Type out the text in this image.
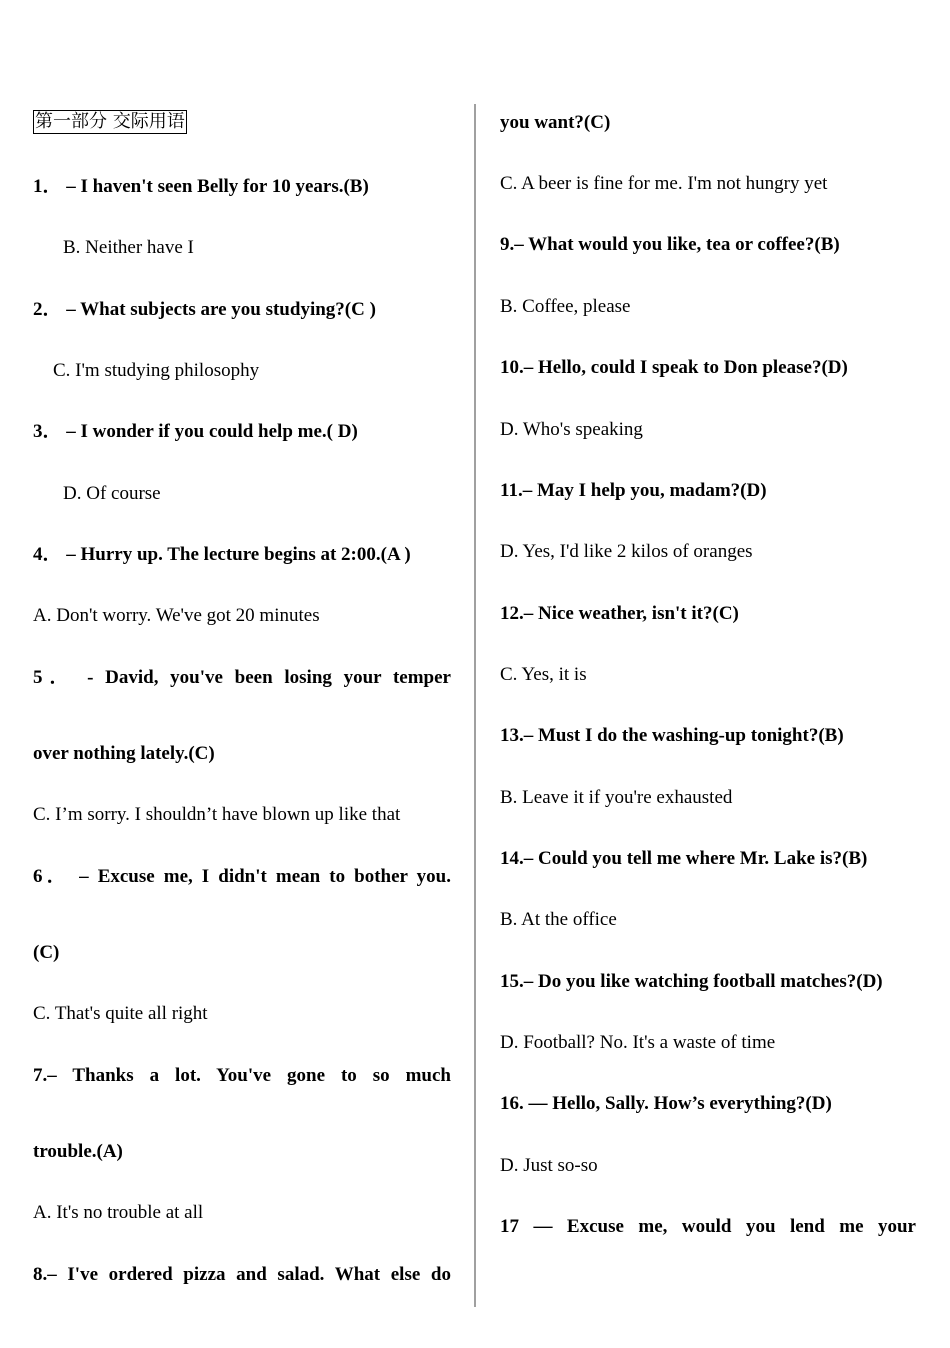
第一部分 交际用语
1． – I haven't seen Belly for 10 years.(B)
B. Neither have I
2． – What subjects are you studying?(C )
C. I'm studying philosophy
3． – I wonder if you could help me.( D)
D. Of course
4． – Hurry up. The lecture begins at 2:00.(A )
A. Don't worry. We've got 20 minutes
5． - David, you've been losing your temper
over nothing lately.(C)
C. I’m sorry. I shouldn’t have blown up like that
6． – Excuse me, I didn't mean to bother you.
(C)
C. That's quite all right
7.– Thanks a lot. You've gone to so much
trouble.(A)
A. It's no trouble at all
8.– I've ordered pizza and salad. What else do
you want?(C)
C. A beer is fine for me. I'm not hungry yet
9.– What would you like, tea or coffee?(B)
B. Coffee, please
10.– Hello, could I speak to Don please?(D)
D. Who's speaking
11.– May I help you, madam?(D)
D. Yes, I'd like 2 kilos of oranges
12.– Nice weather, isn't it?(C)
C. Yes, it is
13.– Must I do the washing-up tonight?(B)
B. Leave it if you're exhausted
14.– Could you tell me where Mr. Lake is?(B)
B. At the office
15.– Do you like watching football matches?(D)
D. Football? No. It's a waste of time
16. — Hello, Sally. How’s everything?(D)
D. Just so-so
17 — Excuse me, would you lend me your
